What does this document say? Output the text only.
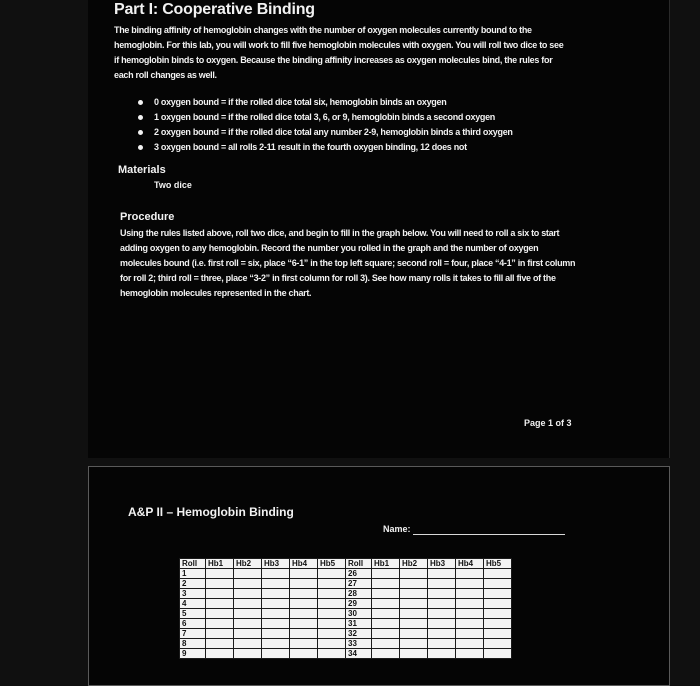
Part I: Cooperative Binding
The binding affinity of hemoglobin changes with the number of oxygen molecules currently bound to the hemoglobin. For this lab, you will work to fill five hemoglobin molecules with oxygen. You will roll two dice to see if hemoglobin binds to oxygen. Because the binding affinity increases as oxygen molecules bind, the rules for each roll changes as well.
0 oxygen bound = if the rolled dice total six, hemoglobin binds an oxygen
1 oxygen bound = if the rolled dice total 3, 6, or 9, hemoglobin binds a second oxygen
2 oxygen bound = if the rolled dice total any number 2-9, hemoglobin binds a third oxygen
3 oxygen bound = all rolls 2-11 result in the fourth oxygen binding, 12 does not
Materials
Two dice
Procedure
Using the rules listed above, roll two dice, and begin to fill in the graph below. You will need to roll a six to start adding oxygen to any hemoglobin. Record the number you rolled in the graph and the number of oxygen molecules bound (i.e. first roll = six, place “6-1” in the top left square; second roll = four, place “4-1” in first column for roll 2; third roll = three, place “3-2” in first column for roll 3). See how many rolls it takes to fill all five of the hemoglobin molecules represented in the chart.
Page 1 of 3
A&P II – Hemoglobin Binding
Name:
Roll	Hb1	Hb2	Hb3	Hb4	Hb5	Roll	Hb1	Hb2	Hb3	Hb4	Hb5
1						26					
2						27					
3						28					
4						29					
5						30					
6						31					
7						32					
8						33					
9						34					
